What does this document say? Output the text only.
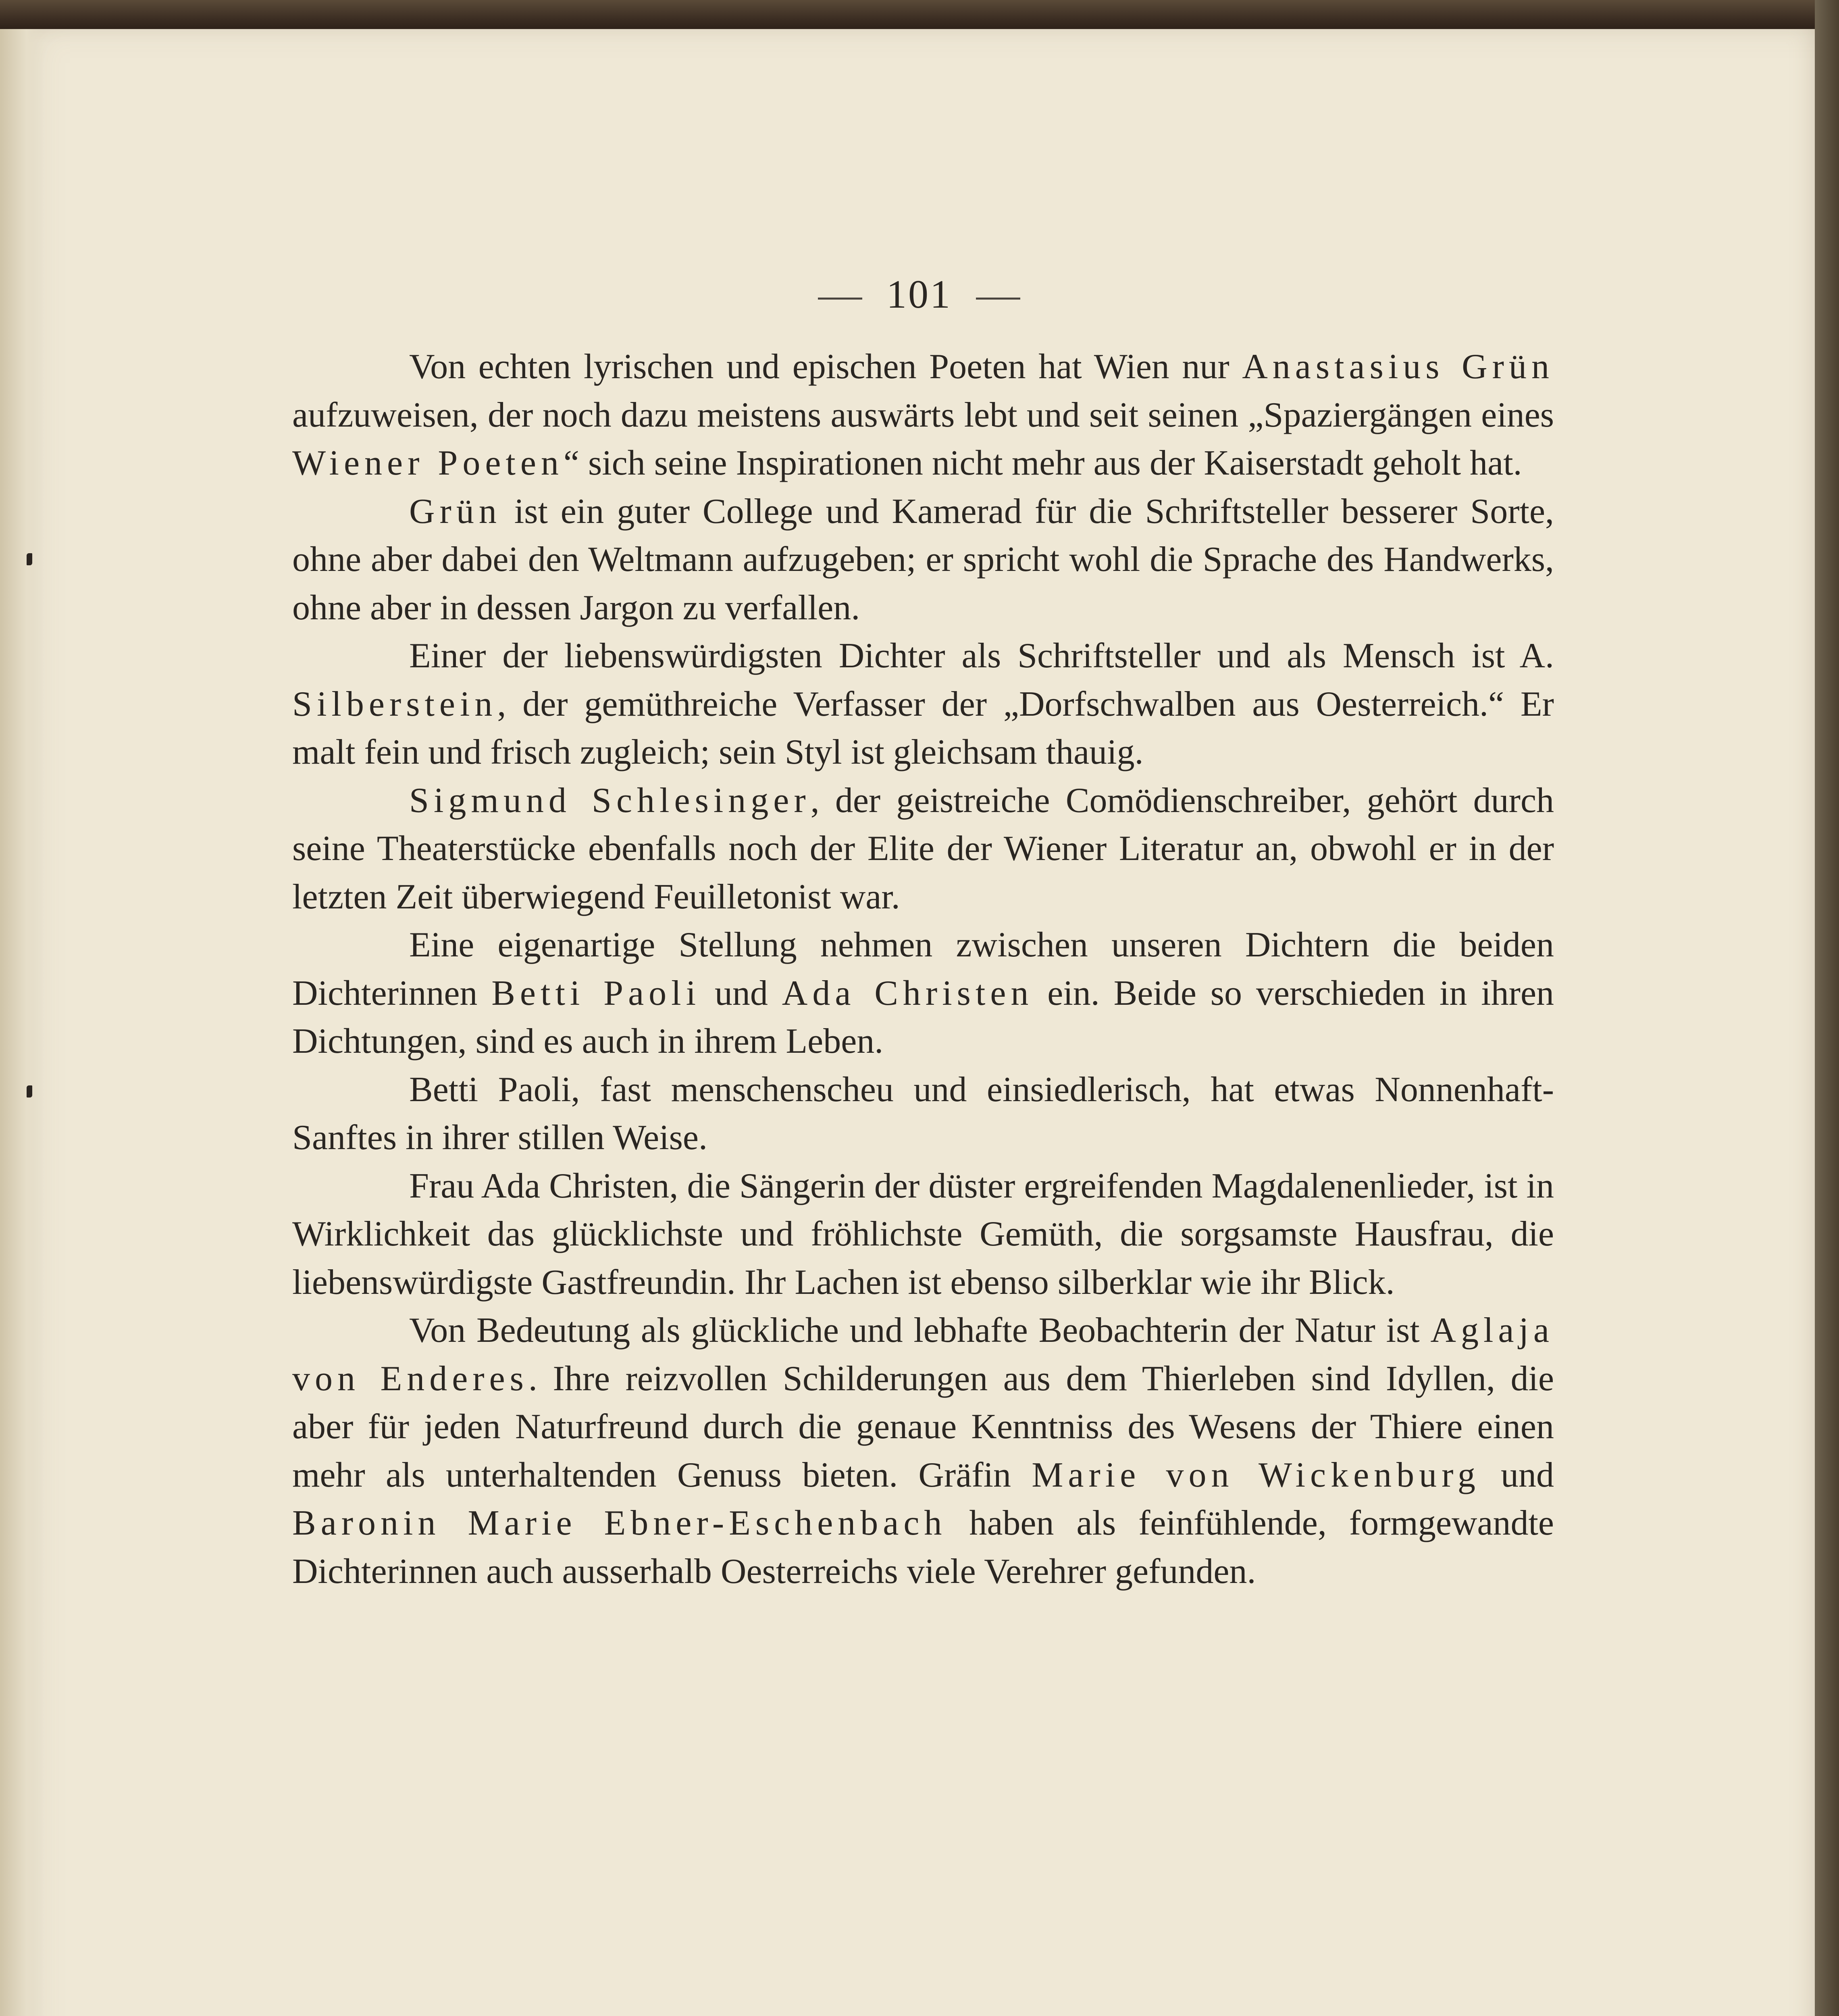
101

Von echten lyrischen und epischen Poeten hat Wien nur Anastasius Grün aufzuweisen, der noch dazu meistens auswärts lebt und seit seinen „Spaziergängen eines Wiener Poeten“ sich seine Inspirationen nicht mehr aus der Kaiserstadt geholt hat.

Grün ist ein guter College und Kamerad für die Schriftsteller besserer Sorte, ohne aber dabei den Weltmann aufzugeben; er spricht wohl die Sprache des Handwerks, ohne aber in dessen Jargon zu verfallen.

Einer der liebenswürdigsten Dichter als Schriftsteller und als Mensch ist A. Silberstein, der gemüthreiche Verfasser der „Dorfschwalben aus Oesterreich.“ Er malt fein und frisch zugleich; sein Styl ist gleichsam thauig.

Sigmund Schlesinger, der geistreiche Comödienschreiber, gehört durch seine Theaterstücke ebenfalls noch der Elite der Wiener Literatur an, obwohl er in der letzten Zeit überwiegend Feuilletonist war.

Eine eigenartige Stellung nehmen zwischen unseren Dichtern die beiden Dichterinnen Betti Paoli und Ada Christen ein. Beide so verschieden in ihren Dichtungen, sind es auch in ihrem Leben.

Betti Paoli, fast menschenscheu und einsiedlerisch, hat etwas Nonnenhaft-Sanftes in ihrer stillen Weise.

Frau Ada Christen, die Sängerin der düster ergreifenden Magdalenenlieder, ist in Wirklichkeit das glücklichste und fröhlichste Gemüth, die sorgsamste Hausfrau, die liebenswürdigste Gastfreundin. Ihr Lachen ist ebenso silberklar wie ihr Blick.

Von Bedeutung als glückliche und lebhafte Beobachterin der Natur ist Aglaja von Enderes. Ihre reizvollen Schilderungen aus dem Thierleben sind Idyllen, die aber für jeden Naturfreund durch die genaue Kenntniss des Wesens der Thiere einen mehr als unterhaltenden Genuss bieten. Gräfin Marie von Wickenburg und Baronin Marie Ebner-Eschenbach haben als feinfühlende, formgewandte Dichterinnen auch ausserhalb Oesterreichs viele Verehrer gefunden.
